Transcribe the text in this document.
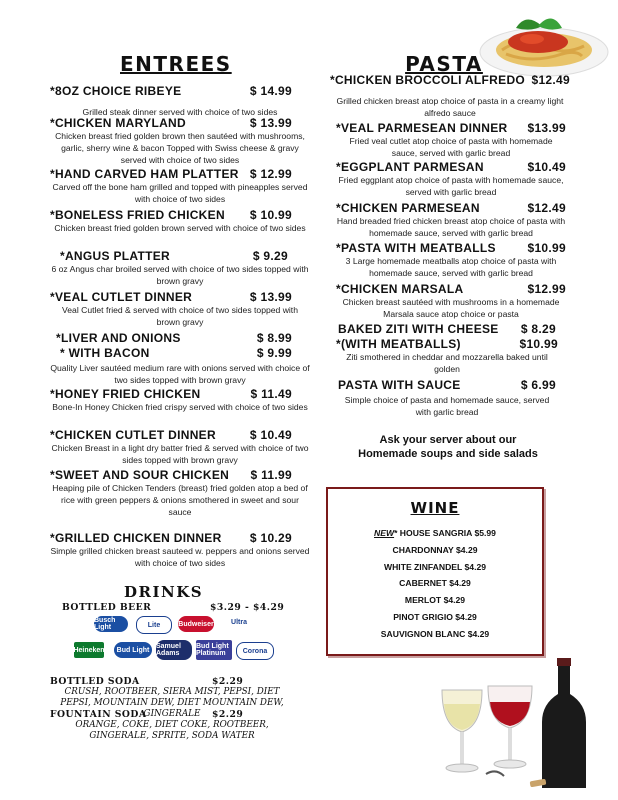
ENTREES	PASTA
*8OZ CHOICE RIBEYE	$ 14.99
Grilled steak dinner served with choice of two sides
*CHICKEN MARYLAND	$ 13.99
Chicken breast fried golden brown then sautéed with mushrooms, garlic, sherry wine & bacon Topped with Swiss cheese & gravy served with choice of two sides
*HAND CARVED HAM PLATTER $ 12.99
Carved off the bone ham grilled and topped with pineapples served with choice of two sides
*BONELESS FRIED CHICKEN $ 10.99
Chicken breast fried golden brown served with choice of two sides
*ANGUS PLATTER	$ 9.29
6 oz Angus char broiled served with choice of two sides topped with brown gravy
*VEAL CUTLET DINNER	$ 13.99
Veal Cutlet fried & served with choice of two sides topped with brown gravy
*LIVER AND ONIONS	$ 8.99
* WITH BACON	$ 9.99
Quality Liver sautéed medium rare with onions served with choice of two sides topped with brown gravy
*HONEY FRIED CHICKEN	$ 11.49
Bone-In Honey Chicken fried crispy served with choice of two sides
*CHICKEN CUTLET DINNER	$ 10.49
Chicken Breast in a light dry batter fried & served with choice of two sides topped with brown gravy
*SWEET AND SOUR CHICKEN $ 11.99
Heaping pile of Chicken Tenders (breast) fried golden atop a bed of rice with green peppers & onions smothered in sweet and sour sauce
*GRILLED CHICKEN DINNER $ 10.29
Simple grilled chicken breast sauteed w. peppers and onions served with choice of two sides
*CHICKEN BROCCOLI ALFREDO $12.49
Grilled chicken breast atop choice of pasta in a creamy light alfredo sauce
*VEAL PARMESEAN DINNER $13.99
Fried veal cutlet atop choice of pasta with homemade sauce, served with garlic bread
*EGGPLANT PARMESAN	$10.49
Fried eggplant atop choice of pasta with homemade sauce, served with garlic bread
*CHICKEN PARMESEAN	$12.49
Hand breaded fried chicken breast atop choice of pasta with homemade sauce, served with garlic bread
*PASTA WITH MEATBALLS	$10.99
3 Large homemade meatballs atop choice of pasta with homemade sauce, served with garlic bread
*CHICKEN MARSALA	$12.99
Chicken breast sautéed with mushrooms in a homemade Marsala sauce atop choice or pasta
BAKED ZITI WITH CHEESE $ 8.29
*(WITH MEATBALLS)	$10.99
Ziti smothered in cheddar and mozzarella baked until golden
PASTA WITH SAUCE	$ 6.99
Simple choice of pasta and homemade sauce, served with garlic bread
Ask your server about our
Homemade soups and side salads
WINE
NEW* HOUSE SANGRIA $5.99
CHARDONNAY $4.29
WHITE ZINFANDEL $4.29
CABERNET $4.29
MERLOT $4.29
PINOT GRIGIO $4.29
SAUVIGNON BLANC $4.29
DRINKS
BOTTLED BEER	$3.29 - $4.29
Busch Light	Lite	Budweiser	Ultra
Heineken	Bud Light Samuel Adams
Bud Light Platinum	Corona
BOTTLED SODA	$2.29
CRUSH, ROOTBEER, SIERA MIST, PEPSI, DIET PEPSI, MOUNTAIN DEW, DIET MOUNTAIN DEW, GINGERALE
FOUNTAIN SODA	$2.29
ORANGE, COKE, DIET COKE, ROOTBEER, GINGERALE, SPRITE, SODA WATER
